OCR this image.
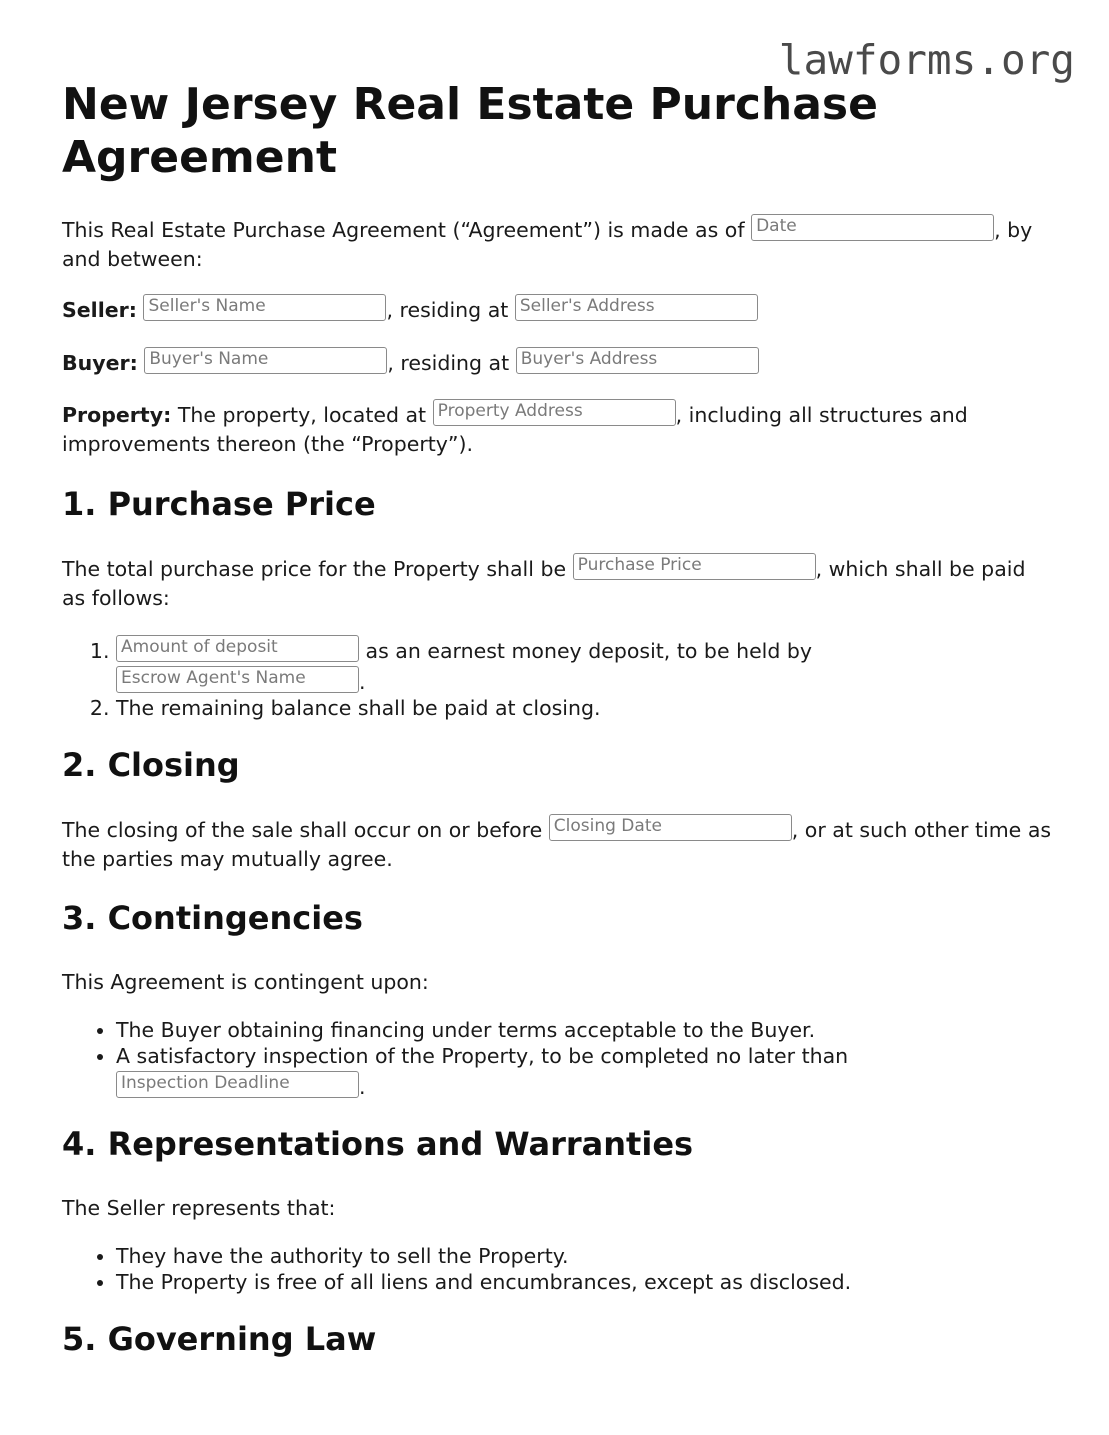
lawforms.org
New Jersey Real Estate Purchase Agreement

This Real Estate Purchase Agreement (“Agreement”) is made as of Date	, by and between:

Seller: Seller's Name	, residing at Seller's Address

Buyer: Buyer's Name	, residing at Buyer's Address

Property: The property, located at Property Address	, including all structures and improvements thereon (the “Property”).

1. Purchase Price

The total purchase price for the Property shall be Purchase Price	, which shall be paid as follows:

1. Amount of deposit	as an earnest money deposit, to be held by Escrow Agent's Name	.
2. The remaining balance shall be paid at closing.
2. Closing

The closing of the sale shall occur on or before Closing Date	, or at such other time as the parties may mutually agree.

3. Contingencies

This Agreement is contingent upon:

• The Buyer obtaining financing under terms acceptable to the Buyer.
• A satisfactory inspection of the Property, to be completed no later than Inspection Deadline	.
4. Representations and Warranties

The Seller represents that:

• They have the authority to sell the Property.
• The Property is free of all liens and encumbrances, except as disclosed.
5. Governing Law
